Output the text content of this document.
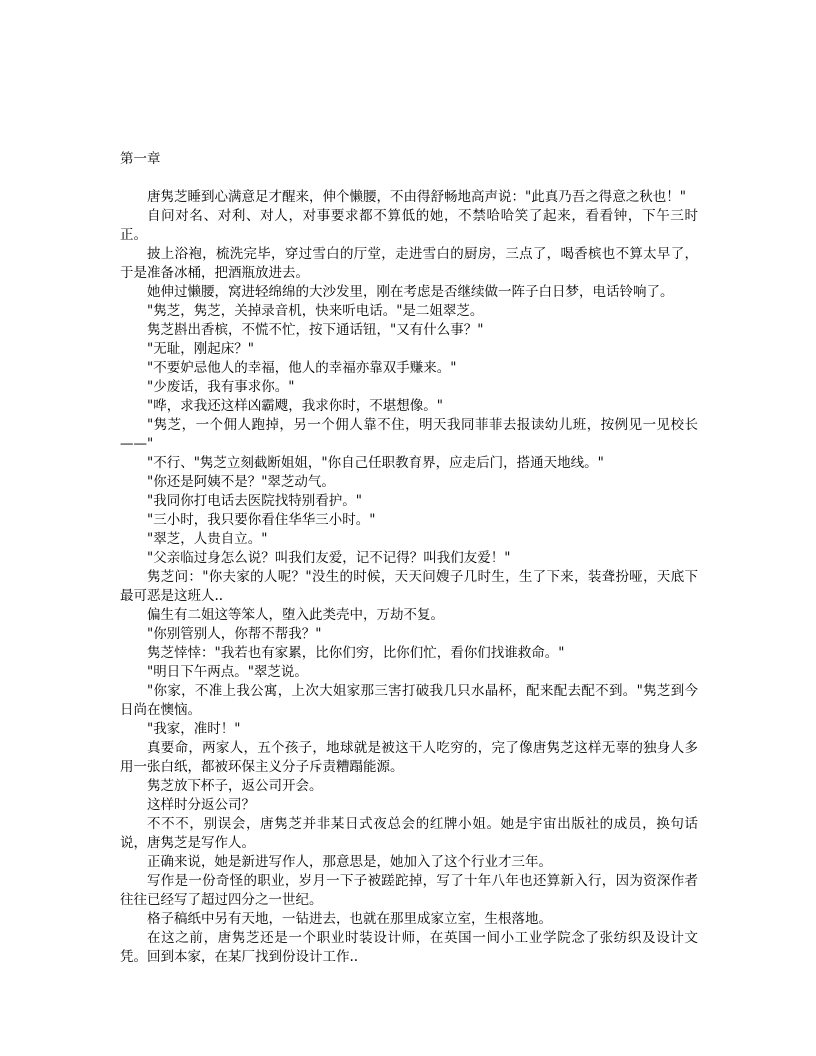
第一章

唐隽芝睡到心满意足才醒来，伸个懒腰，不由得舒畅地高声说："此真乃吾之得意之秋也！"

自问对名、对利、对人，对事要求都不算低的她，不禁哈哈笑了起来，看看钟，下午三时正。

披上浴袍，梳洗完毕，穿过雪白的厅堂，走进雪白的厨房，三点了，喝香槟也不算太早了，于是准备冰桶，把酒瓶放进去。

她伸过懒腰，窝进轻绵绵的大沙发里，刚在考虑是否继续做一阵子白日梦，电话铃响了。

"隽芝，隽芝，关掉录音机，快来听电话。"是二姐翠芝。

隽芝斟出香槟，不慌不忙，按下通话钮，"又有什么事？"

"无耻，刚起床？"

"不要妒忌他人的幸福，他人的幸福亦靠双手赚来。"

"少废话，我有事求你。"

"哗，求我还这样凶霸飕，我求你时，不堪想像。"

"隽芝，一个佣人跑掉，另一个佣人靠不住，明天我同菲菲去报读幼儿班，按例见一见校长——"

"不行、"隽芝立刻截断姐姐，"你自己任职教育界，应走后门，搭通天地线。"

"你还是阿姨不是？"翠芝动气。

"我同你打电话去医院找特别看护。"

"三小时，我只要你看住华华三小时。"

"翠芝，人贵自立。"

"父亲临过身怎么说？叫我们友爱，记不记得？叫我们友爱！"

隽芝问："你夫家的人呢？"没生的时候，天天问嫂子几时生，生了下来，装聋扮哑，天底下最可恶是这班人..

偏生有二姐这等笨人，堕入此类壳中，万劫不复。

"你别管别人，你帮不帮我？"

隽芝悻悻："我若也有家累，比你们穷，比你们忙，看你们找谁救命。"

"明日下午两点。"翠芝说。

"你家，不准上我公寓，上次大姐家那三害打破我几只水晶杯，配来配去配不到。"隽芝到今日尚在懊恼。

"我家，准时！"

真要命，两家人，五个孩子，地球就是被这干人吃穷的，完了像唐隽芝这样无辜的独身人多用一张白纸，都被环保主义分子斥责糟蹋能源。

隽芝放下杯子，返公司开会。

这样时分返公司？

不不不，别误会，唐隽芝并非某日式夜总会的红牌小姐。她是宇宙出版社的成员，换句话说，唐隽芝是写作人。

正确来说，她是新进写作人，那意思是，她加入了这个行业才三年。

写作是一份奇怪的职业，岁月一下子被蹉跎掉，写了十年八年也还算新入行，因为资深作者往往已经写了超过四分之一世纪。

格子稿纸中另有天地，一钻进去，也就在那里成家立室，生根落地。

在这之前，唐隽芝还是一个职业时装设计师，在英国一间小工业学院念了张纺织及设计文凭。回到本家，在某厂找到份设计工作..
